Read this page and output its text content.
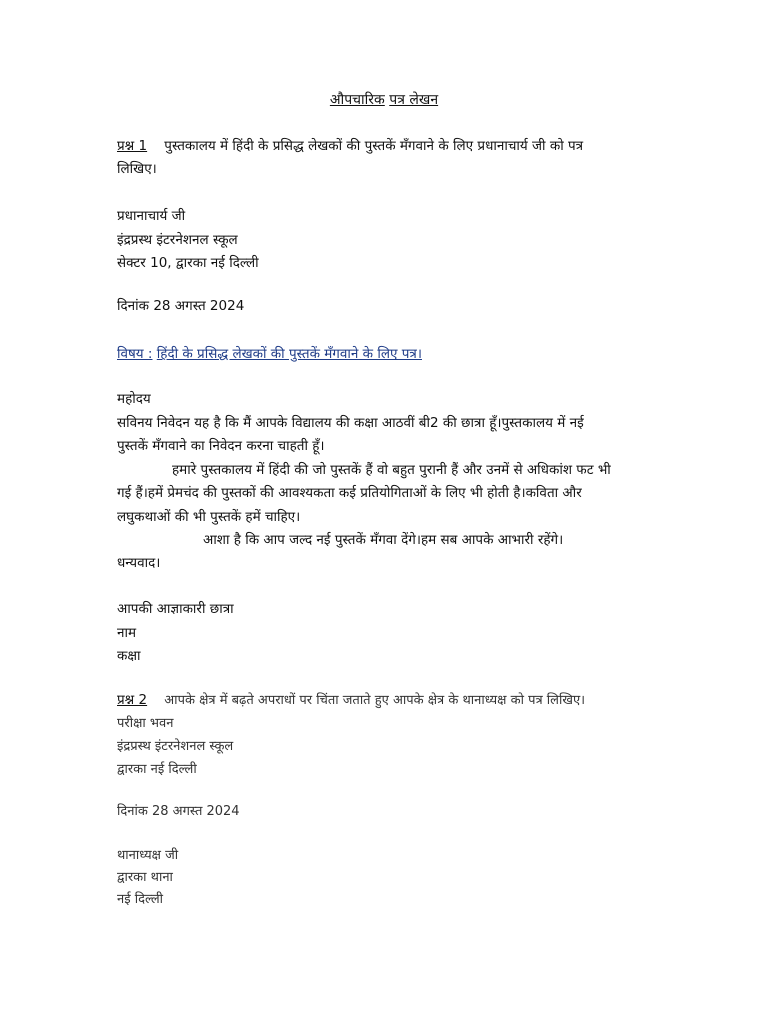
औपचारिक पत्र लेखन
प्रश्न 1 पुस्तकालय में हिंदी के प्रसिद्ध लेखकों की पुस्तकें मँगवाने के लिए प्रधानाचार्य जी को पत्र
लिखिए।
प्रधानाचार्य जी
इंद्रप्रस्थ इंटरनेशनल स्कूल
सेक्टर 10, द्वारका नई दिल्ली
दिनांक 28 अगस्त 2024
विषय : हिंदी के प्रसिद्ध लेखकों की पुस्तकें मँगवाने के लिए पत्र।
महोदय
सविनय निवेदन यह है कि मैं आपके विद्यालय की कक्षा आठवीं बी2 की छात्रा हूँ।पुस्तकालय में नई
पुस्तकें मँगवाने का निवेदन करना चाहती हूँ।
हमारे पुस्तकालय में हिंदी की जो पुस्तकें हैं वो बहुत पुरानी हैं और उनमें से अधिकांश फट भी
गई हैं।हमें प्रेमचंद की पुस्तकों की आवश्यकता कई प्रतियोगिताओं के लिए भी होती है।कविता और
लघुकथाओं की भी पुस्तकें हमें चाहिए।
आशा है कि आप जल्द नई पुस्तकें मँगवा देंगे।हम सब आपके आभारी रहेंगे।
धन्यवाद।
आपकी आज्ञाकारी छात्रा
नाम
कक्षा
प्रश्न 2 आपके क्षेत्र में बढ़ते अपराधों पर चिंता जताते हुए आपके क्षेत्र के थानाध्यक्ष को पत्र लिखिए।
परीक्षा भवन
इंद्रप्रस्थ इंटरनेशनल स्कूल
द्वारका नई दिल्ली
दिनांक 28 अगस्त 2024
थानाध्यक्ष जी
द्वारका थाना
नई दिल्ली
